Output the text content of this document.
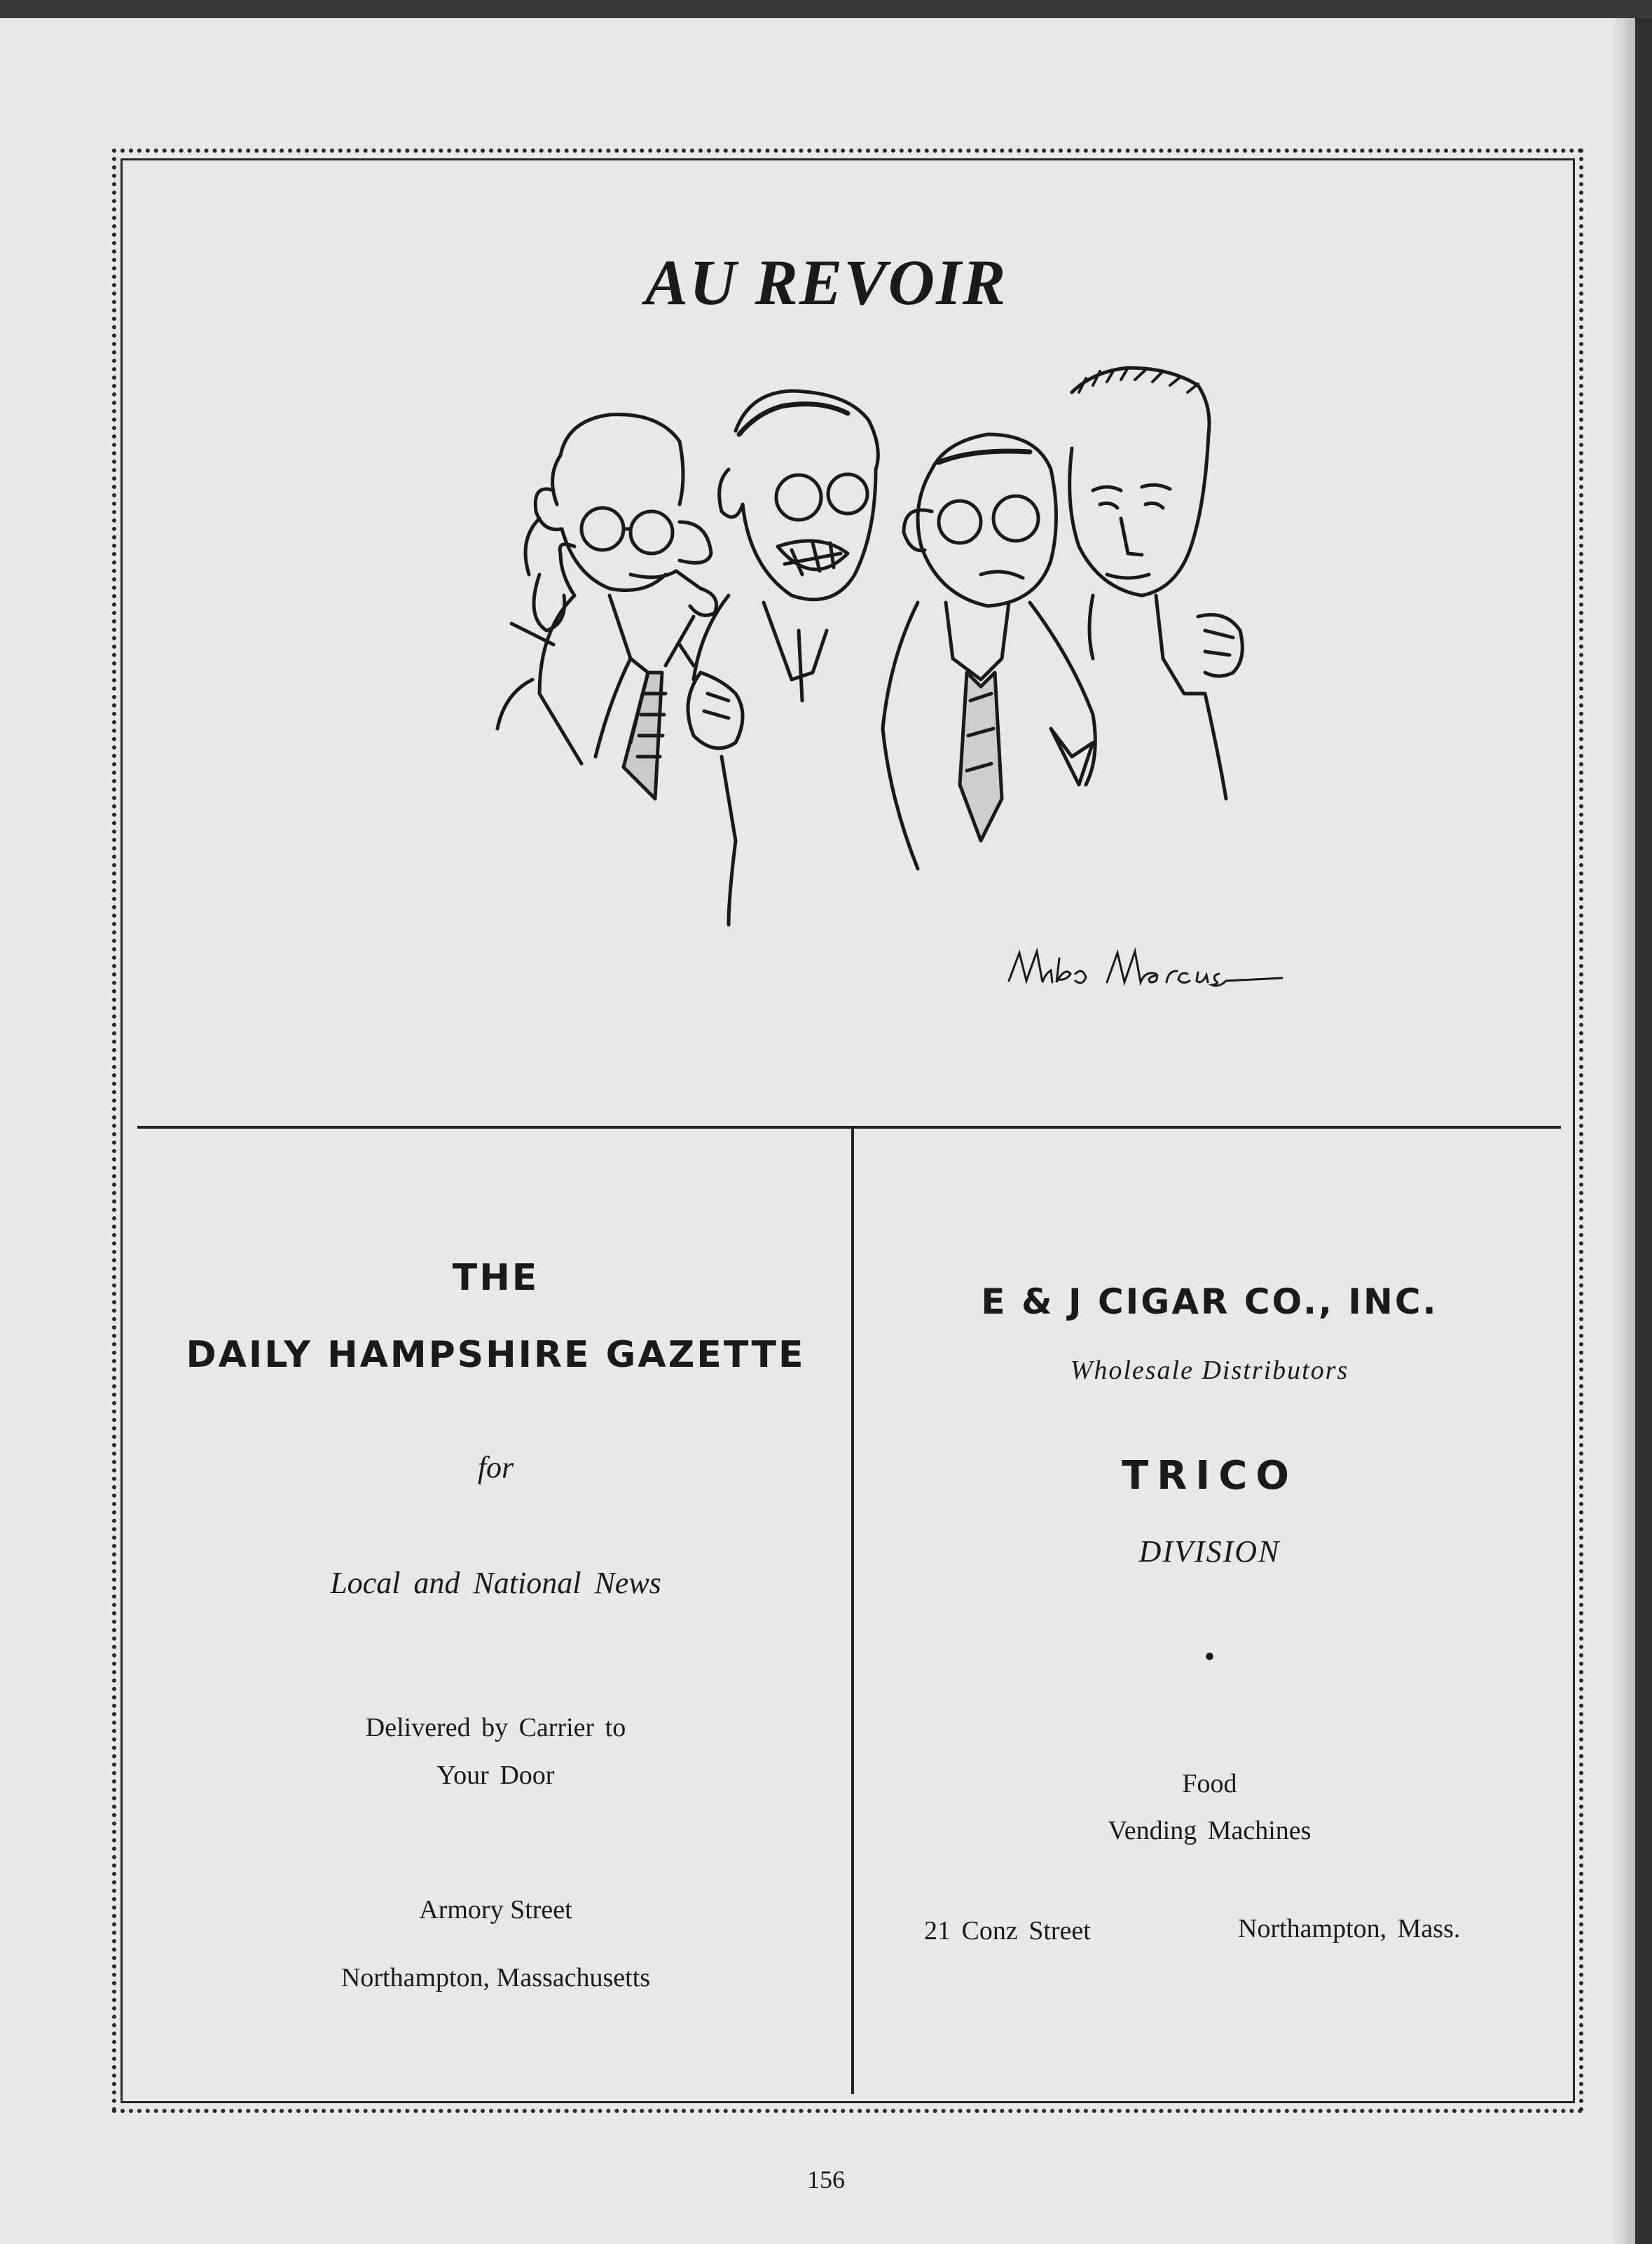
AU REVOIR
THE
DAILY HAMPSHIRE GAZETTE
for
Local and National News
Delivered by Carrier to
Your Door
Armory Street
Northampton, Massachusetts
E & J CIGAR CO., INC.
Wholesale Distributors
TRICO
DIVISION
•
Food
Vending Machines
21 Conz Street	Northampton, Mass.
156
